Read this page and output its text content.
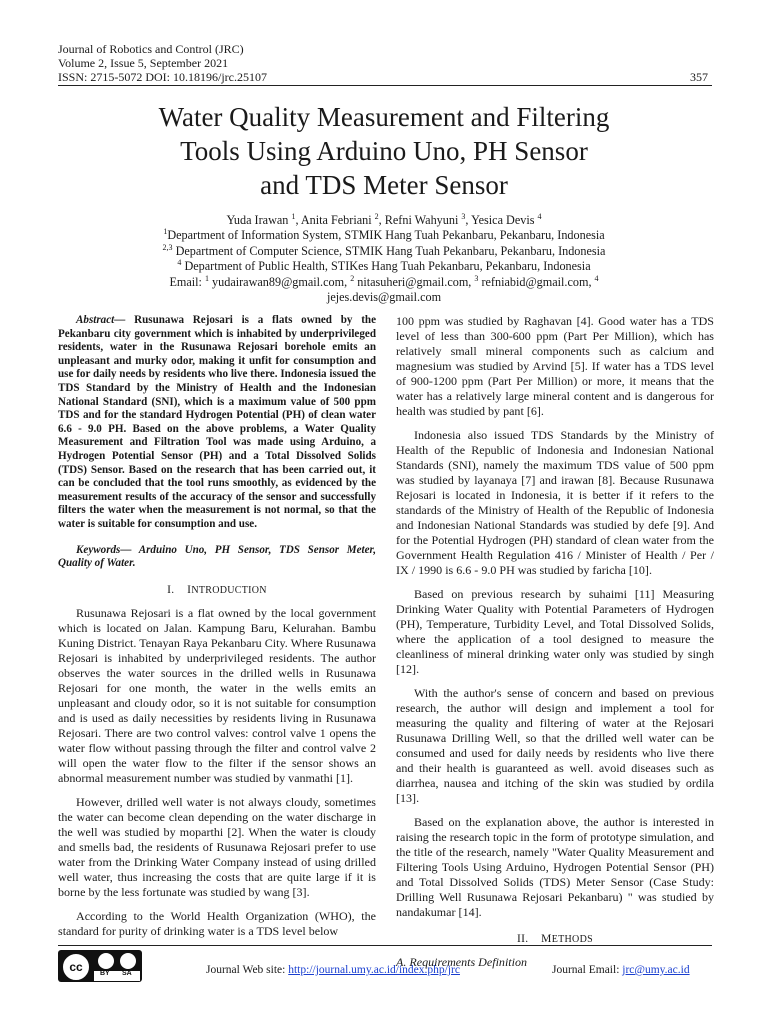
Journal of Robotics and Control (JRC)
Volume 2, Issue 5, September 2021
ISSN: 2715-5072 DOI: 10.18196/jrc.25107	357
Water Quality Measurement and Filtering
Tools Using Arduino Uno, PH Sensor
and TDS Meter Sensor
Yuda Irawan $^1$, Anita Febriani $^2$, Refni Wahyuni $^3$, Yesica Devis $^4$
$^1$Department of Information System, STMIK Hang Tuah Pekanbaru, Pekanbaru, Indonesia
$^{2,3}$ Department of Computer Science, STMIK Hang Tuah Pekanbaru, Pekanbaru, Indonesia
$^4$ Department of Public Health, STIKes Hang Tuah Pekanbaru, Pekanbaru, Indonesia
Email: $^1$ yudairawan89@gmail.com, $^2$ nitasuheri@gmail.com, $^3$ refniabid@gmail.com, $^4$
jejes.devis@gmail.com

Abstract— Rusunawa Rejosari is a flats owned by the Pekanbaru city government which is inhabited by underprivileged residents, water in the Rusunawa Rejosari borehole emits an unpleasant and murky odor, making it unfit for consumption and use for daily needs by residents who live there. Indonesia issued the TDS Standard by the Ministry of Health and the Indonesian National Standard (SNI), which is a maximum value of 500 ppm TDS and for the standard Hydrogen Potential (PH) of clean water 6.6 - 9.0 PH. Based on the above problems, a Water Quality Measurement and Filtration Tool was made using Arduino, a Hydrogen Potential Sensor (PH) and a Total Dissolved Solids (TDS) Sensor. Based on the research that has been carried out, it can be concluded that the tool runs smoothly, as evidenced by the measurement results of the accuracy of the sensor and successfully filters the water when the measurement is not normal, so that the water is suitable for consumption and use.

Keywords— Arduino Uno, PH Sensor, TDS Sensor Meter, Quality of Water.

I. INTRODUCTION

Rusunawa Rejosari is a flat owned by the local government which is located on Jalan. Kampung Baru, Kelurahan. Bambu Kuning District. Tenayan Raya Pekanbaru City. Where Rusunawa Rejosari is inhabited by underprivileged residents. The author observes the water sources in the drilled wells in Rusunawa Rejosari for one month, the water in the wells emits an unpleasant and cloudy odor, so it is not suitable for consumption and is used as daily necessities by residents living in Rusunawa Rejosari. There are two control valves: control valve 1 opens the water flow without passing through the filter and control valve 2 will open the water flow to the filter if the sensor shows an abnormal measurement number was studied by vanmathi [1].

However, drilled well water is not always cloudy, sometimes the water can become clean depending on the water discharge in the well was studied by moparthi [2]. When the water is cloudy and smells bad, the residents of Rusunawa Rejosari prefer to use water from the Drinking Water Company instead of using drilled well water, thus increasing the costs that are quite large if it is borne by the less fortunate was studied by wang [3].

According to the World Health Organization (WHO), the standard for purity of drinking water is a TDS level below

100 ppm was studied by Raghavan [4]. Good water has a TDS level of less than 300-600 ppm (Part Per Million), which has relatively small mineral components such as calcium and magnesium was studied by Arvind [5]. If water has a TDS level of 900-1200 ppm (Part Per Million) or more, it means that the water has a relatively large mineral content and is dangerous for health was studied by pant [6].

Indonesia also issued TDS Standards by the Ministry of Health of the Republic of Indonesia and Indonesian National Standards (SNI), namely the maximum TDS value of 500 ppm was studied by layanaya [7] and irawan [8]. Because Rusunawa Rejosari is located in Indonesia, it is better if it refers to the standards of the Ministry of Health of the Republic of Indonesia and Indonesian National Standards was studied by defe [9]. And for the Potential Hydrogen (PH) standard of clean water from the Government Health Regulation 416 / Minister of Health / Per / IX / 1990 is 6.6 - 9.0 PH was studied by faricha [10].

Based on previous research by suhaimi [11] Measuring Drinking Water Quality with Potential Parameters of Hydrogen (PH), Temperature, Turbidity Level, and Total Dissolved Solids, where the application of a tool designed to measure the cleanliness of mineral drinking water only was studied by singh [12].

With the author's sense of concern and based on previous research, the author will design and implement a tool for measuring the quality and filtering of water at the Rejosari Rusunawa Drilling Well, so that the drilled well water can be consumed and used for daily needs by residents who live there and their health is guaranteed as well. avoid diseases such as diarrhea, nausea and itching of the skin was studied by ordila [13].

Based on the explanation above, the author is interested in raising the research topic in the form of prototype simulation, and the title of the research, namely "Water Quality Measurement and Filtering Tools Using Arduino, Hydrogen Potential Sensor (PH) and Total Dissolved Solids (TDS) Meter Sensor (Case Study: Drilling Well Rusunawa Rejosari Pekanbaru) " was studied by nandakumar [14].

II. METHODS
A. Requirements Definition
cc	BY SA	Journal Web site: http://journal.umy.ac.id/index.php/jrc	Journal Email: jrc@umy.ac.id
